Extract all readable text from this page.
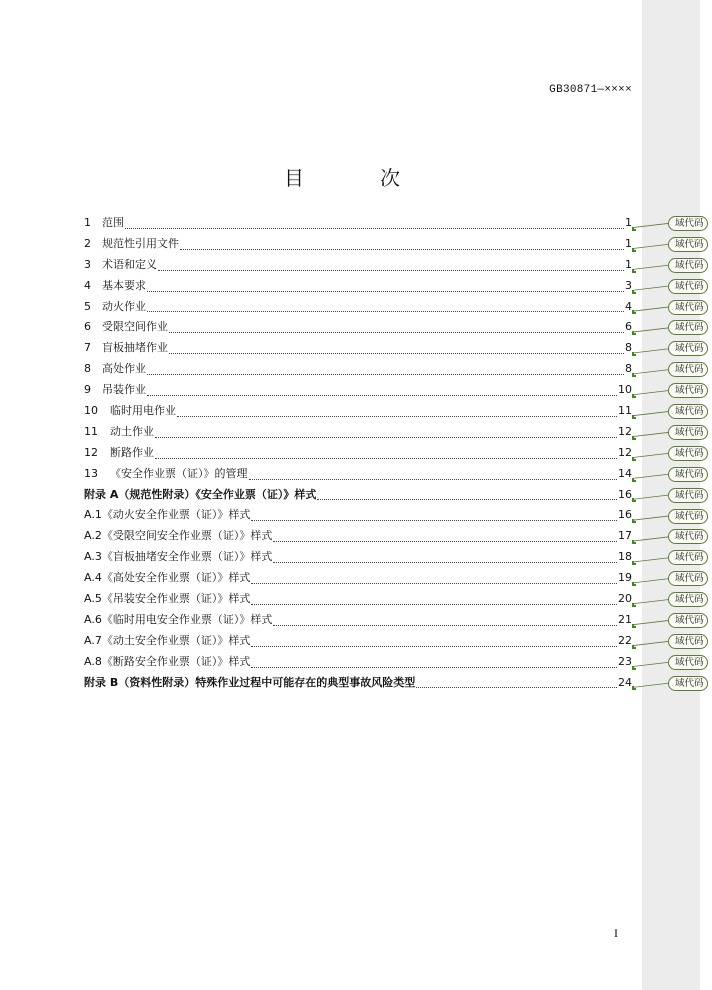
GB30871—××××
目　次
1	范围	1
2	规范性引用文件	1
3	术语和定义	1
4	基本要求	3
5	动火作业	4
6	受限空间作业	6
7	盲板抽堵作业	8
8	高处作业	8
9	吊装作业	10
10	临时用电作业	11
11	动土作业	12
12	断路作业	12
13	《安全作业票（证）》的管理	14
附录 A（规范性附录）《安全作业票（证）》样式	16
A.1《动火安全作业票（证）》样式	16
A.2《受限空间安全作业票（证）》样式	17
A.3《盲板抽堵安全作业票（证）》样式	18
A.4《高处安全作业票（证）》样式	19
A.5《吊装安全作业票（证）》样式	20
A.6《临时用电安全作业票（证）》样式	21
A.7《动土安全作业票（证）》样式	22
A.8《断路安全作业票（证）》样式	23
附录 B（资料性附录）特殊作业过程中可能存在的典型事故风险类型	24
域代码
域代码
域代码
域代码
域代码
域代码
域代码
域代码
域代码
域代码
域代码
域代码
域代码
域代码
域代码
域代码
域代码
域代码
域代码
域代码
域代码
域代码
域代码
I
